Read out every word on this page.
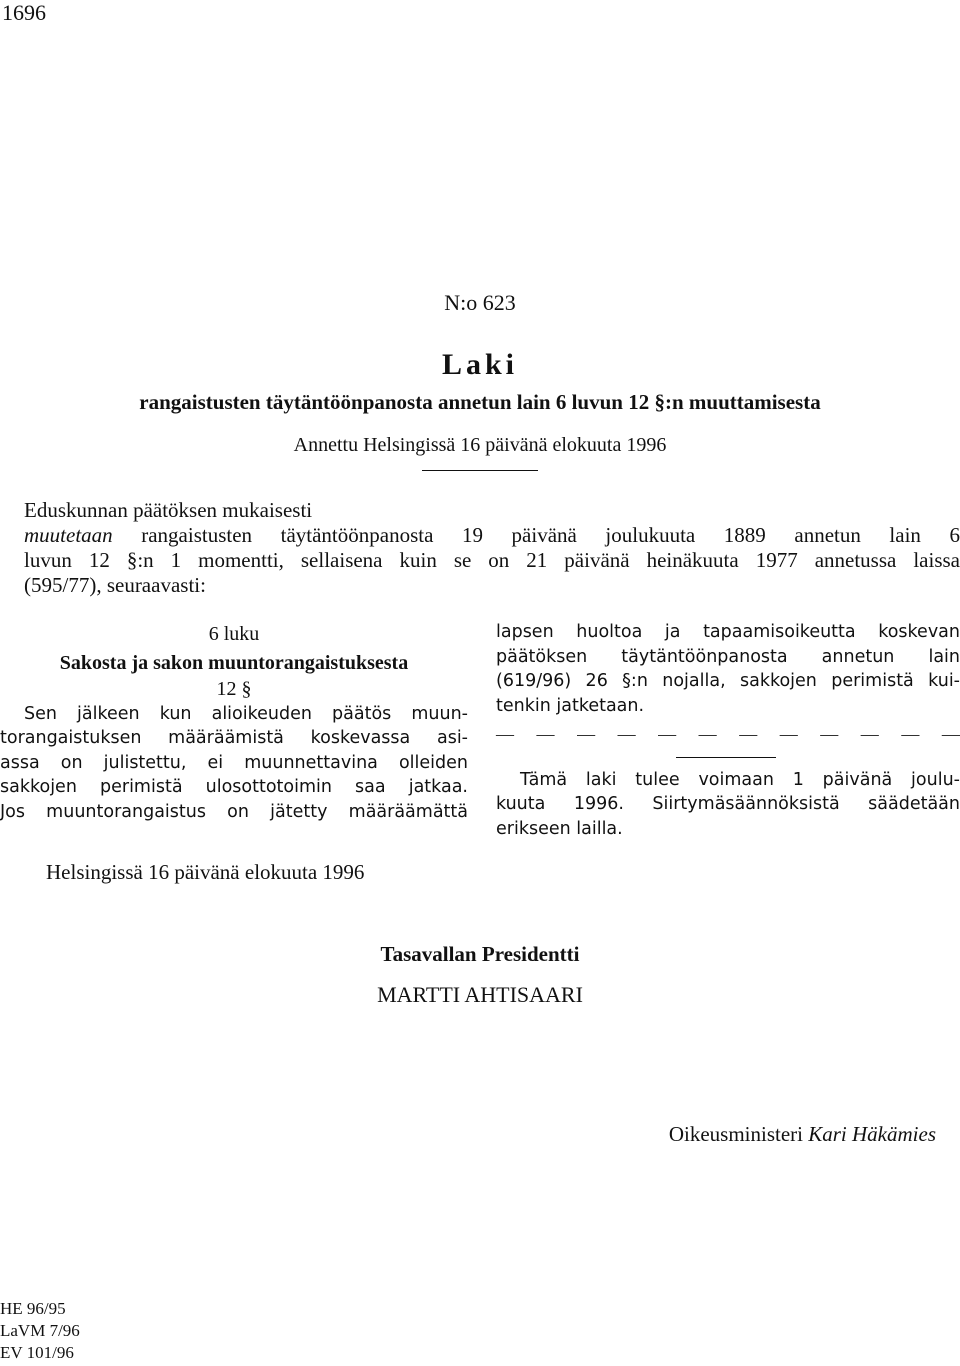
1696
N:o 623
Laki
rangaistusten täytäntöönpanosta annetun lain 6 luvun 12 §:n muuttamisesta
Annettu Helsingissä 16 päivänä elokuuta 1996
Eduskunnan päätöksen mukaisesti
muutetaan rangaistusten täytäntöönpanosta 19 päivänä joulukuuta 1889 annetun lain 6
luvun 12 §:n 1 momentti, sellaisena kuin se on 21 päivänä heinäkuuta 1977 annetussa laissa
(595/77), seuraavasti:
6 luku
Sakosta ja sakon muuntorangaistuksesta
12 §
Sen jälkeen kun alioikeuden päätös muun-
torangaistuksen määräämistä koskevassa asi-
assa on julistettu, ei muunnettavina olleiden
sakkojen perimistä ulosottotoimin saa jatkaa.
Jos muuntorangaistus on jätetty määräämättä
lapsen huoltoa ja tapaamisoikeutta koskevan
päätöksen täytäntöönpanosta annetun lain
(619/96) 26 §:n nojalla, sakkojen perimistä kui-
tenkin jatketaan.
— — — — — — — — — — — —
Tämä laki tulee voimaan 1 päivänä joulu-
kuuta 1996. Siirtymäsäännöksistä säädetään
erikseen lailla.
Helsingissä 16 päivänä elokuuta 1996
Tasavallan Presidentti
MARTTI AHTISAARI
Oikeusministeri Kari Häkämies
HE 96/95
LaVM 7/96
EV 101/96
